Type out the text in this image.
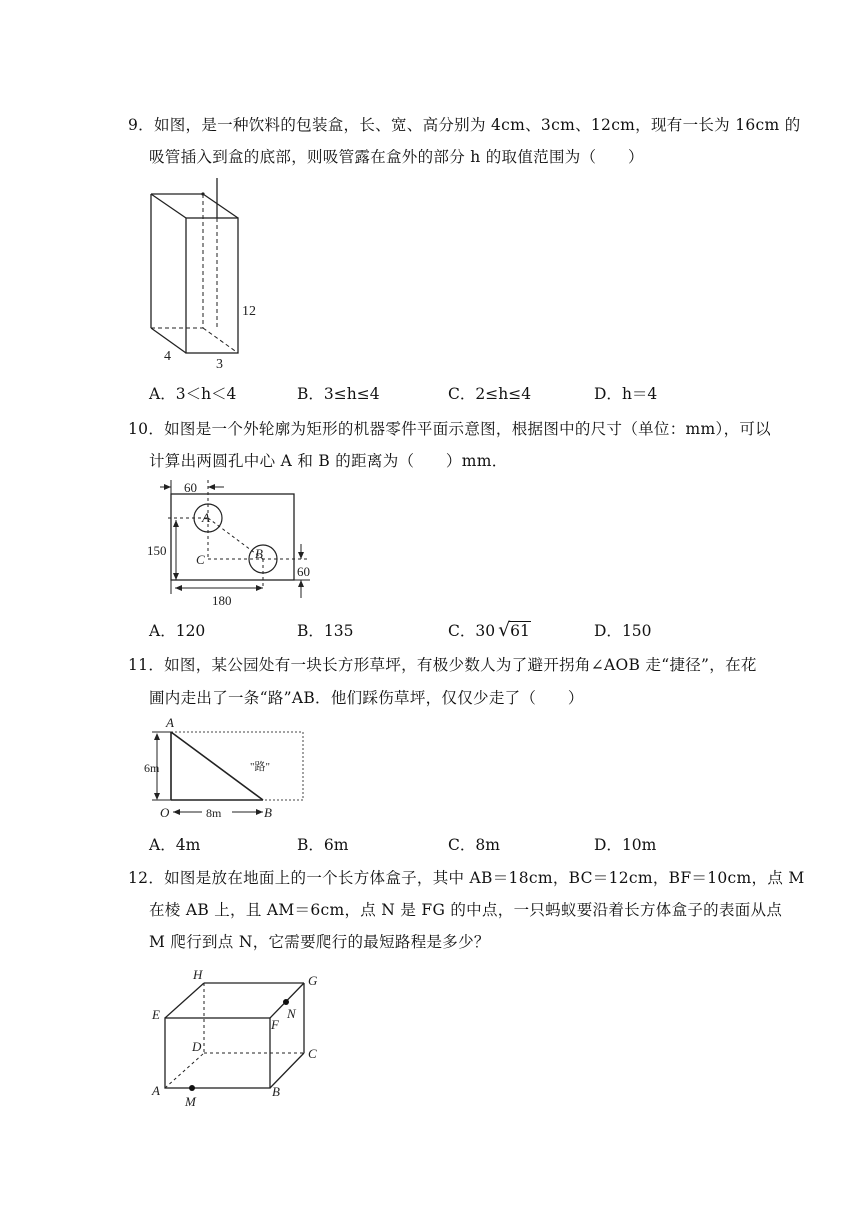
9．如图，是一种饮料的包装盒，长、宽、高分别为 4cm、3cm、12cm，现有一长为 16cm 的
吸管插入到盒的底部，则吸管露在盒外的部分 h 的取值范围为（　　）
12
4
3
A．3＜h＜4	B．3≤h≤4	C．2≤h≤4	D．h＝4
10．如图是一个外轮廓为矩形的机器零件平面示意图，根据图中的尺寸（单位：mm），可以
计算出两圆孔中心 A 和 B 的距离为（　　）mm．
60
A
B
C
150
60
180
A．120	B．135	C．30 √ 61	D．150
11．如图，某公园处有一块长方形草坪，有极少数人为了避开拐角∠AOB 走“捷径”，在花
圃内走出了一条“路”AB．他们踩伤草坪，仅仅少走了（　　）
6m
8m
A
O	B
"路"
A．4m	B．6m	C．8m	D．10m
12．如图是放在地面上的一个长方体盒子，其中 AB＝18cm，BC＝12cm，BF＝10cm，点 M
在棱 AB 上，且 AM＝6cm，点 N 是 FG 的中点，一只蚂蚁要沿着长方体盒子的表面从点
M 爬行到点 N，它需要爬行的最短路程是多少？
H	G
E
F
N
D	C
A	B
M
